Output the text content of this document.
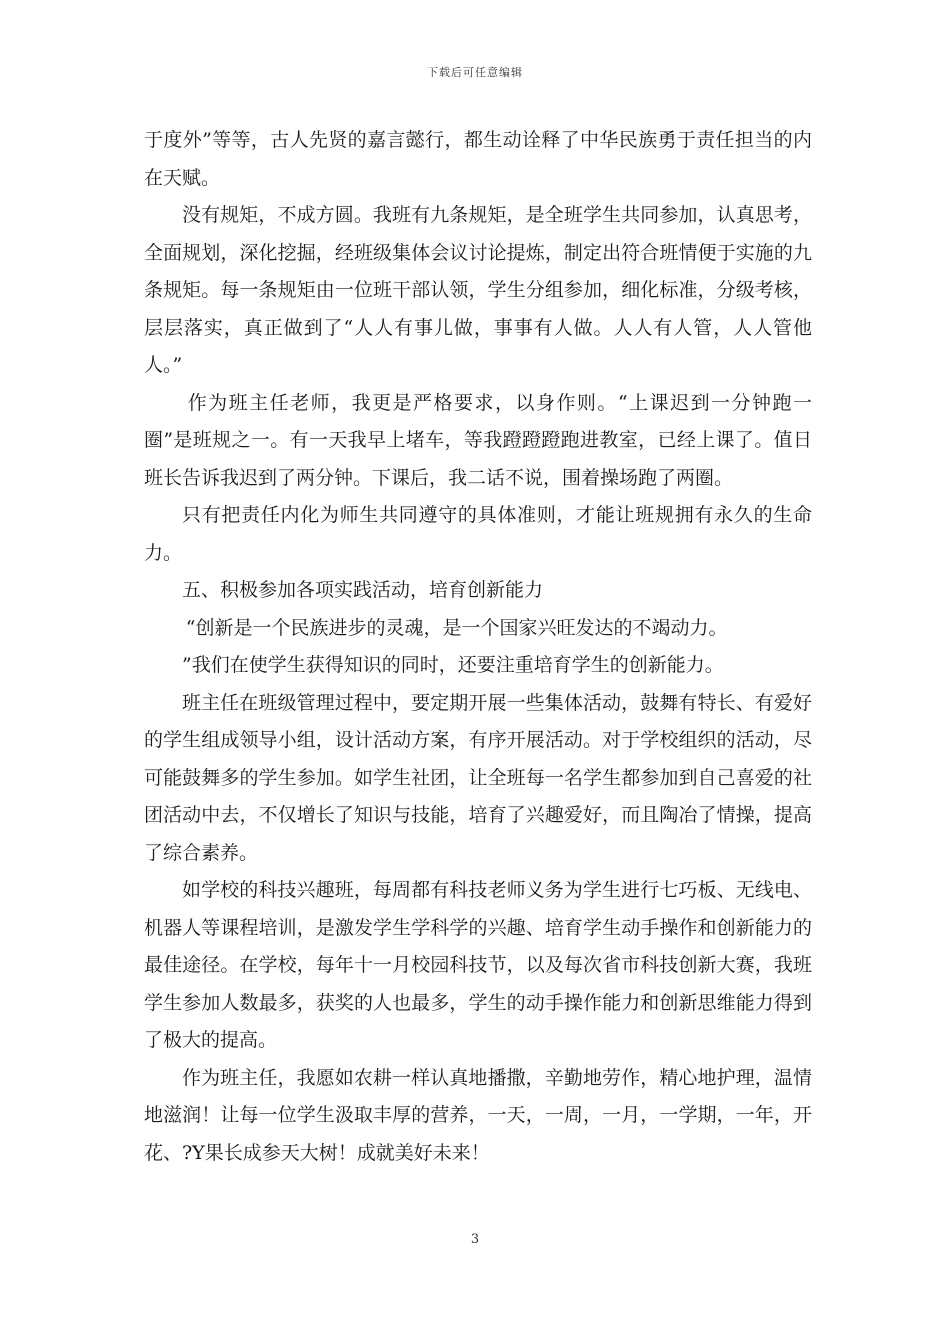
下载后可任意编辑

于度外”等等，古人先贤的嘉言懿行，都生动诠释了中华民族勇于责任担当的内在天赋。

没有规矩，不成方圆。我班有九条规矩，是全班学生共同参加，认真思考，全面规划，深化挖掘，经班级集体会议讨论提炼，制定出符合班情便于实施的九条规矩。每一条规矩由一位班干部认领，学生分组参加，细化标准，分级考核，层层落实，真正做到了“人人有事儿做，事事有人做。人人有人管，人人管他人。”

作为班主任老师，我更是严格要求，以身作则。“上课迟到一分钟跑一圈”是班规之一。有一天我早上堵车，等我蹬蹬蹬跑进教室，已经上课了。值日班长告诉我迟到了两分钟。下课后，我二话不说，围着操场跑了两圈。

只有把责任内化为师生共同遵守的具体准则，才能让班规拥有永久的生命力。

五、积极参加各项实践活动，培育创新能力

“创新是一个民族进步的灵魂，是一个国家兴旺发达的不竭动力。

”我们在使学生获得知识的同时，还要注重培育学生的创新能力。

班主任在班级管理过程中，要定期开展一些集体活动，鼓舞有特长、有爱好的学生组成领导小组，设计活动方案，有序开展活动。对于学校组织的活动，尽可能鼓舞多的学生参加。如学生社团，让全班每一名学生都参加到自己喜爱的社团活动中去，不仅增长了知识与技能，培育了兴趣爱好，而且陶冶了情操，提高了综合素养。

如学校的科技兴趣班，每周都有科技老师义务为学生进行七巧板、无线电、机器人等课程培训，是激发学生学科学的兴趣、培育学生动手操作和创新能力的最佳途径。在学校，每年十一月校园科技节，以及每次省市科技创新大赛，我班学生参加人数最多，获奖的人也最多，学生的动手操作能力和创新思维能力得到了极大的提高。

作为班主任，我愿如农耕一样认真地播撒，辛勤地劳作，精心地护理，温情地滋润！让每一位学生汲取丰厚的营养，一天，一周，一月，一学期，一年，开花、?Y果长成参天大树！成就美好未来！

3
